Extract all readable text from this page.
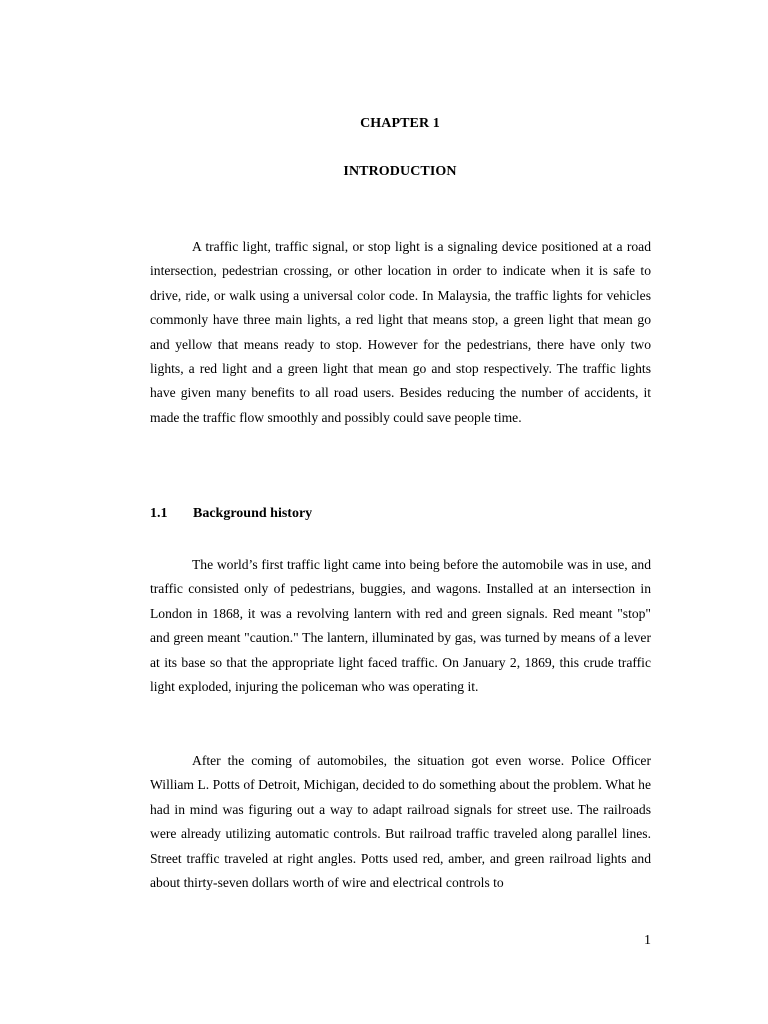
CHAPTER 1
INTRODUCTION

A traffic light, traffic signal, or stop light is a signaling device positioned at a road intersection, pedestrian crossing, or other location in order to indicate when it is safe to drive, ride, or walk using a universal color code. In Malaysia, the traffic lights for vehicles commonly have three main lights, a red light that means stop, a green light that mean go and yellow that means ready to stop. However for the pedestrians, there have only two lights, a red light and a green light that mean go and stop respectively. The traffic lights have given many benefits to all road users. Besides reducing the number of accidents, it made the traffic flow smoothly and possibly could save people time.

1.1 Background history

The world’s first traffic light came into being before the automobile was in use, and traffic consisted only of pedestrians, buggies, and wagons. Installed at an intersection in London in 1868, it was a revolving lantern with red and green signals. Red meant "stop" and green meant "caution." The lantern, illuminated by gas, was turned by means of a lever at its base so that the appropriate light faced traffic. On January 2, 1869, this crude traffic light exploded, injuring the policeman who was operating it.

After the coming of automobiles, the situation got even worse. Police Officer William L. Potts of Detroit, Michigan, decided to do something about the problem. What he had in mind was figuring out a way to adapt railroad signals for street use. The railroads were already utilizing automatic controls. But railroad traffic traveled along parallel lines. Street traffic traveled at right angles. Potts used red, amber, and green railroad lights and about thirty-seven dollars worth of wire and electrical controls to

1
